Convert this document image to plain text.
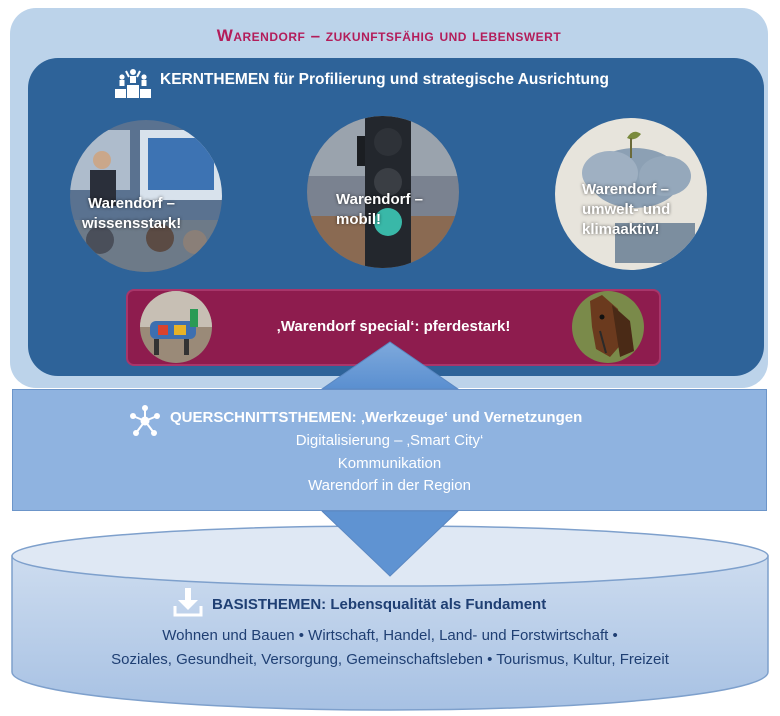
Warendorf – zukunftsfähig und lebenswert
KERNTHEMEN für Profilierung und strategische Ausrichtung
Warendorf –
wissensstark!
Warendorf –
mobil!
Warendorf –
umwelt- und
klimaaktiv!
‚Warendorf special‘: pferdestark!
QUERSCHNITTSTHEMEN: ‚Werkzeuge‘ und Vernetzungen
Digitalisierung – ‚Smart City‘
Kommunikation
Warendorf in der Region
BASISTHEMEN: Lebensqualität als Fundament
Wohnen und Bauen • Wirtschaft, Handel, Land- und Forstwirtschaft •
Soziales, Gesundheit, Versorgung, Gemeinschaftsleben • Tourismus, Kultur, Freizeit
